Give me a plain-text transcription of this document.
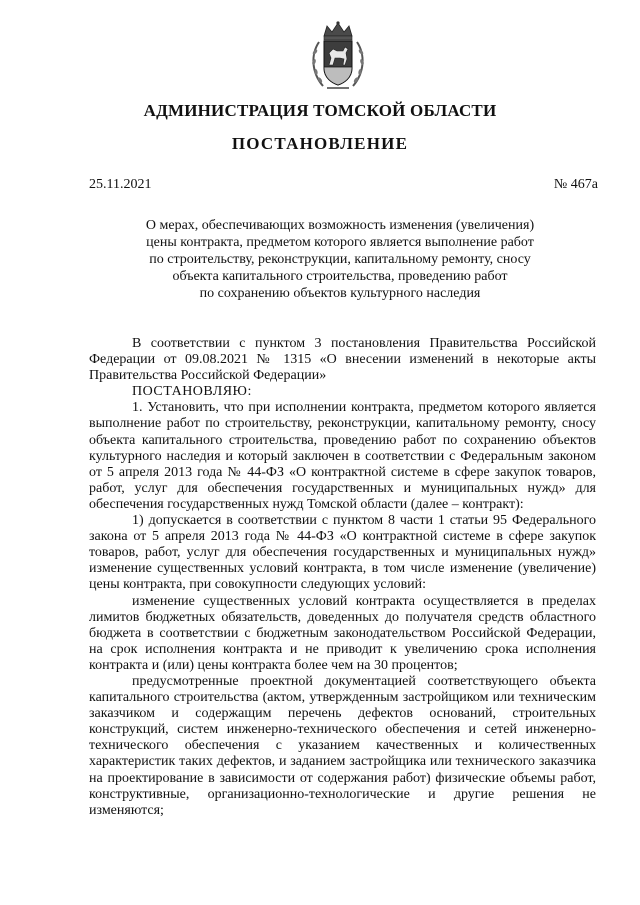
АДМИНИСТРАЦИЯ ТОМСКОЙ ОБЛАСТИ
ПОСТАНОВЛЕНИЕ
25.11.2021	№ 467а
О мерах, обеспечивающих возможность изменения (увеличения)
цены контракта, предметом которого является выполнение работ
по строительству, реконструкции, капитальному ремонту, сносу
объекта капитального строительства, проведению работ
по сохранению объектов культурного наследия

В соответствии с пунктом 3 постановления Правительства Российской Федерации от 09.08.2021 № 1315 «О внесении изменений в некоторые акты Правительства Российской Федерации»

ПОСТАНОВЛЯЮ:

1. Установить, что при исполнении контракта, предметом которого является выполнение работ по строительству, реконструкции, капитальному ремонту, сносу объекта капитального строительства, проведению работ по сохранению объектов культурного наследия и который заключен в соответствии с Федеральным законом от 5 апреля 2013 года № 44-ФЗ «О контрактной системе в сфере закупок товаров, работ, услуг для обеспечения государственных и муниципальных нужд» для обеспечения государственных нужд Томской области (далее – контракт):

1) допускается в соответствии с пунктом 8 части 1 статьи 95 Федерального закона от 5 апреля 2013 года № 44-ФЗ «О контрактной системе в сфере закупок товаров, работ, услуг для обеспечения государственных и муниципальных нужд» изменение существенных условий контракта, в том числе изменение (увеличение) цены контракта, при совокупности следующих условий:

изменение существенных условий контракта осуществляется в пределах лимитов бюджетных обязательств, доведенных до получателя средств областного бюджета в соответствии с бюджетным законодательством Российской Федерации, на срок исполнения контракта и не приводит к увеличению срока исполнения контракта и (или) цены контракта более чем на 30 процентов;

предусмотренные проектной документацией соответствующего объекта капитального строительства (актом, утвержденным застройщиком или техническим заказчиком и содержащим перечень дефектов оснований, строительных конструкций, систем инженерно-технического обеспечения и сетей инженерно-технического обеспечения с указанием качественных и количественных характеристик таких дефектов, и заданием застройщика или технического заказчика на проектирование в зависимости от содержания работ) физические объемы работ, конструктивные, организационно-технологические и другие решения не изменяются;
